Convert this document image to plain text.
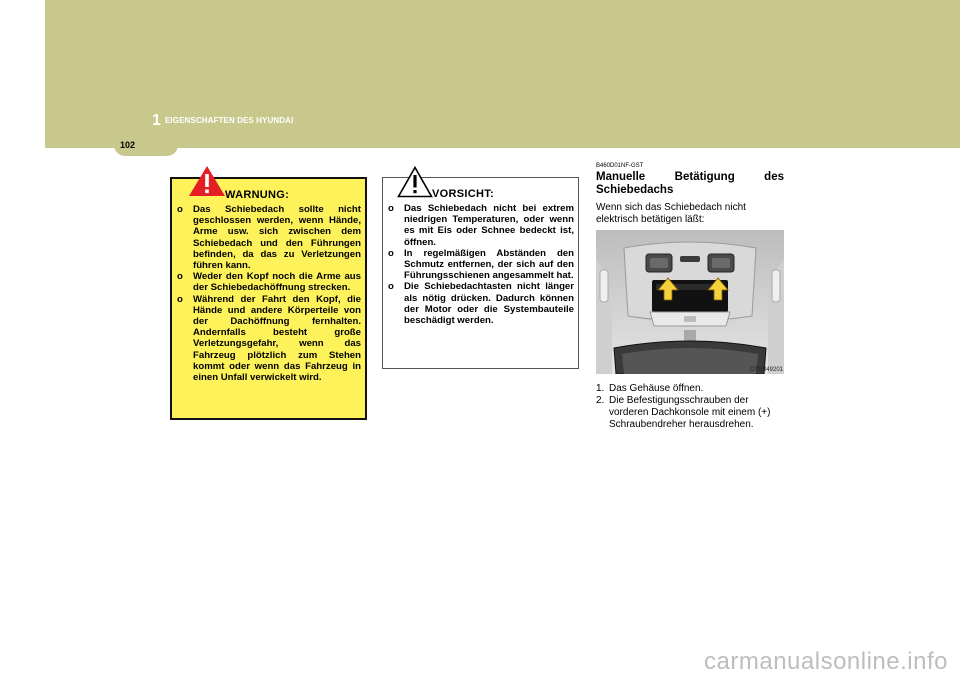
1 EIGENSCHAFTEN DES HYUNDAI
102
WARNUNG:
o Das Schiebedach sollte nicht geschlossen werden, wenn Hände, Arme usw. sich zwischen dem Schiebedach und den Führungen befinden, da das zu Verletzungen führen kann.
o Weder den Kopf noch die Arme aus der Schiebedachöffnung strecken.
o Während der Fahrt den Kopf, die Hände und andere Körperteile von der Dachöffnung fernhalten. Andernfalls besteht große Verletzungsgefahr, wenn das Fahrzeug plötzlich zum Stehen kommt oder wenn das Fahrzeug in einen Unfall verwickelt wird.
VORSICHT:
o Das Schiebedach nicht bei extrem niedrigen Temperaturen, oder wenn es mit Eis oder Schnee bedeckt ist, öffnen.
o In regelmäßigen Abständen den Schmutz entfernen, der sich auf den Führungsschienen angesammelt hat.
o Die Schiebedachtasten nicht länger als nötig drücken. Dadurch können der Motor oder die Systembauteile beschädigt werden.
B460D01NF-GST
Manuelle Betätigung des
Schiebedachs
Wenn sich das Schiebedach nicht elektrisch betätigen läßt:
OTG049201
1. Das Gehäuse öffnen.
2. Die Befestigungsschrauben der vorderen Dachkonsole mit einem (+) Schraubendreher herausdrehen.
carmanualsonline.info
